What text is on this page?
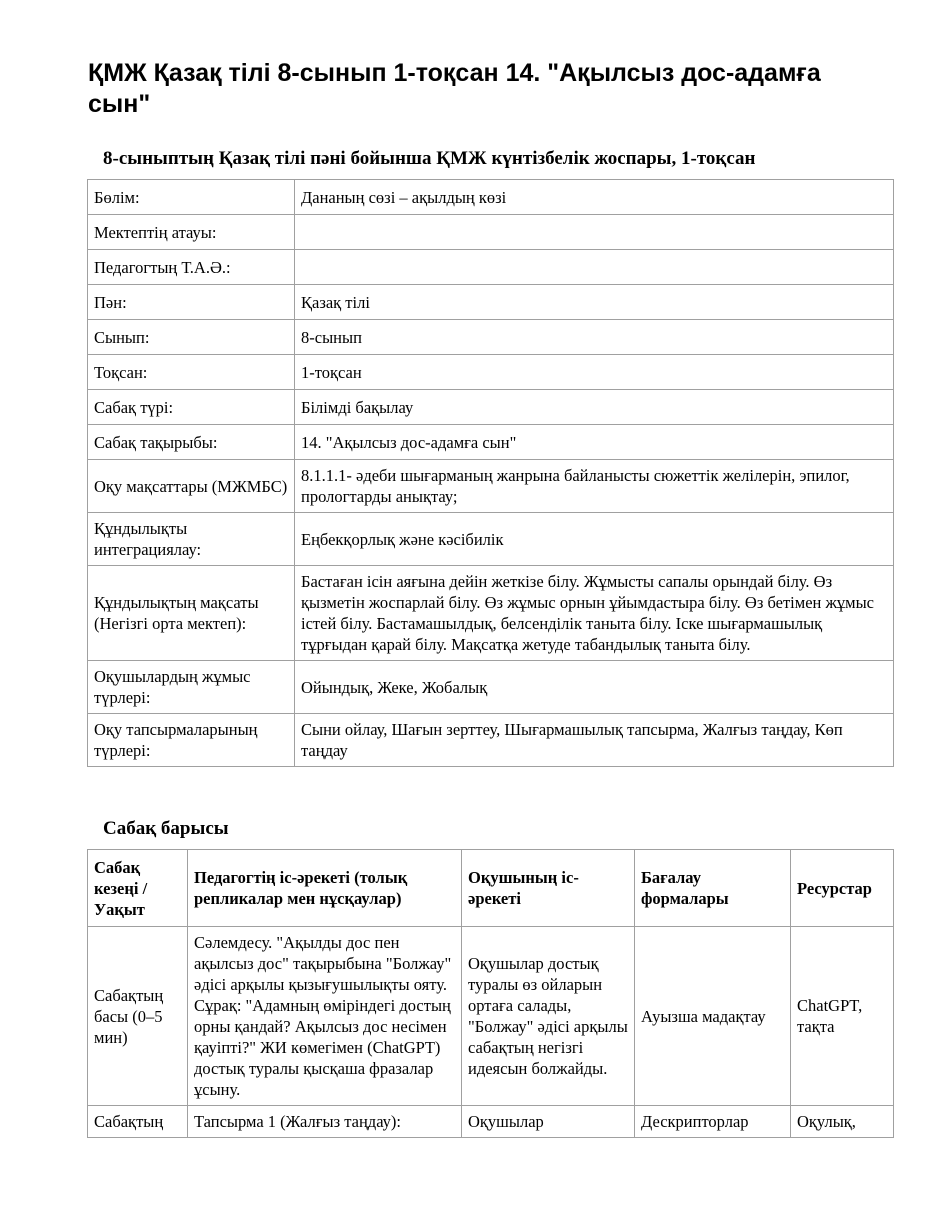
ҚМЖ Қазақ тілі 8-сынып 1-тоқсан 14. "Ақылсыз дос-адамға сын"
8-сыныптың Қазақ тілі пәні бойынша ҚМЖ күнтізбелік жоспары, 1-тоқсан
Бөлім:	Дананың сөзі – ақылдың көзі
Мектептің атауы:	
Педагогтың Т.А.Ә.:	
Пән:	Қазақ тілі
Сынып:	8-сынып
Тоқсан:	1-тоқсан
Сабақ түрі:	Білімді бақылау
Сабақ тақырыбы:	14. "Ақылсыз дос-адамға сын"
Оқу мақсаттары (МЖМБС)	8.1.1.1- әдеби шығарманың жанрына байланысты сюжеттік желілерін, эпилог, прологтарды анықтау;
Құндылықты интеграциялау:	Еңбекқорлық және кәсібилік
Құндылықтың мақсаты (Негізгі орта мектеп):	Бастаған ісін аяғына дейін жеткізе білу. Жұмысты сапалы орындай білу. Өз қызметін жоспарлай білу. Өз жұмыс орнын ұйымдастыра білу. Өз бетімен жұмыс істей білу. Бастамашылдық, белсенділік таныта білу. Іске шығармашылық тұрғыдан қарай білу. Мақсатқа жетуде табандылық таныта білу.
Оқушылардың жұмыс түрлері:	Ойындық, Жеке, Жобалық
Оқу тапсырмаларының түрлері:	Сыни ойлау, Шағын зерттеу, Шығармашылық тапсырма, Жалғыз таңдау, Көп таңдау
Сабақ барысы
Сабақ кезеңі / Уақыт	Педагогтің іс-әрекеті (толық репликалар мен нұсқаулар)	Оқушының іс-әрекеті	Бағалау формалары	Ресурстар
Сабақтың басы (0–5 мин)	Сәлемдесу. "Ақылды дос пен ақылсыз дос" тақырыбына "Болжау" әдісі арқылы қызығушылықты ояту. Сұрақ: "Адамның өміріндегі достың орны қандай? Ақылсыз дос несімен қауіпті?" ЖИ көмегімен (ChatGPT) достық туралы қысқаша фразалар ұсыну.	Оқушылар достық туралы өз ойларын ортаға салады, "Болжау" әдісі арқылы сабақтың негізгі идеясын болжайды.	Ауызша мадақтау	ChatGPT, тақта
Сабақтың	Тапсырма 1 (Жалғыз таңдау):	Оқушылар	Дескрипторлар	Оқулық,
